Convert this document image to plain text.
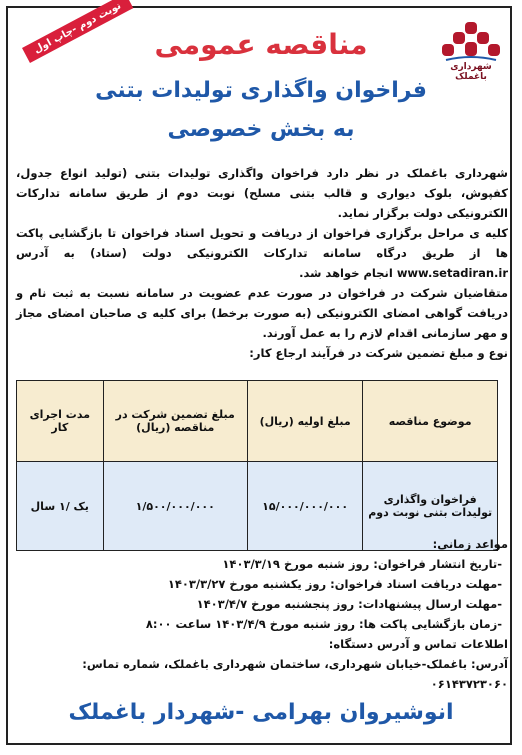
شهرداری باغملک
نوبت دوم -چاپ اول	مناقصه عمومی
فراخوان واگذاری تولیدات بتنی
به بخش خصوصی

شهرداری باغملک در نظر دارد فراخوان واگذاری تولیدات بتنی (تولید انواع جدول، کفپوش، بلوک دیواری و قالب بتنی مسلح) نوبت دوم از طریق سامانه تدارکات الکترونیکی دولت برگزار نماید.

کلیه ی مراحل برگزاری فراخوان از دریافت و تحویل اسناد فراخوان تا بازگشایی پاکت ها از طریق درگاه سامانه تدارکات الکترونیکی دولت (ستاد) به آدرس www.setadiran.ir انجام خواهد شد.

متقاضیان شرکت در فراخوان در صورت عدم عضویت در سامانه نسبت به ثبت نام و دریافت گواهی امضای الکترونیکی (به صورت برخط) برای کلیه ی صاحبان امضای مجاز و مهر سازمانی اقدام لازم را به عمل آورند.

نوع و مبلغ تضمین شرکت در فرآیند ارجاع کار:

موضوع مناقصه	مبلغ اولیه (ریال)	مبلغ تضمین شرکت در مناقصه (ریال)	مدت اجرای کار
فراخوان واگذاری تولیدات بتنی نوبت دوم	۱۵/۰۰۰/۰۰۰/۰۰۰	۱/۵۰۰/۰۰۰/۰۰۰	یک /۱ سال
مواعد زمانی:
-تاریخ انتشار فراخوان: روز شنبه مورخ ۱۴۰۳/۳/۱۹
-مهلت دریافت اسناد فراخوان: روز یکشنبه مورخ ۱۴۰۳/۳/۲۷
-مهلت ارسال پیشنهادات: روز پنجشنبه مورخ ۱۴۰۳/۴/۷
-زمان بازگشایی پاکت ها: روز شنبه مورخ ۱۴۰۳/۴/۹ ساعت ۸:۰۰
اطلاعات تماس و آدرس دستگاه:
آدرس: باغملک-خیابان شهرداری، ساختمان شهرداری باغملک، شماره تماس: ۰۶۱۴۳۷۲۳۰۶۰
انوشیروان بهرامی -شهردار باغملک
